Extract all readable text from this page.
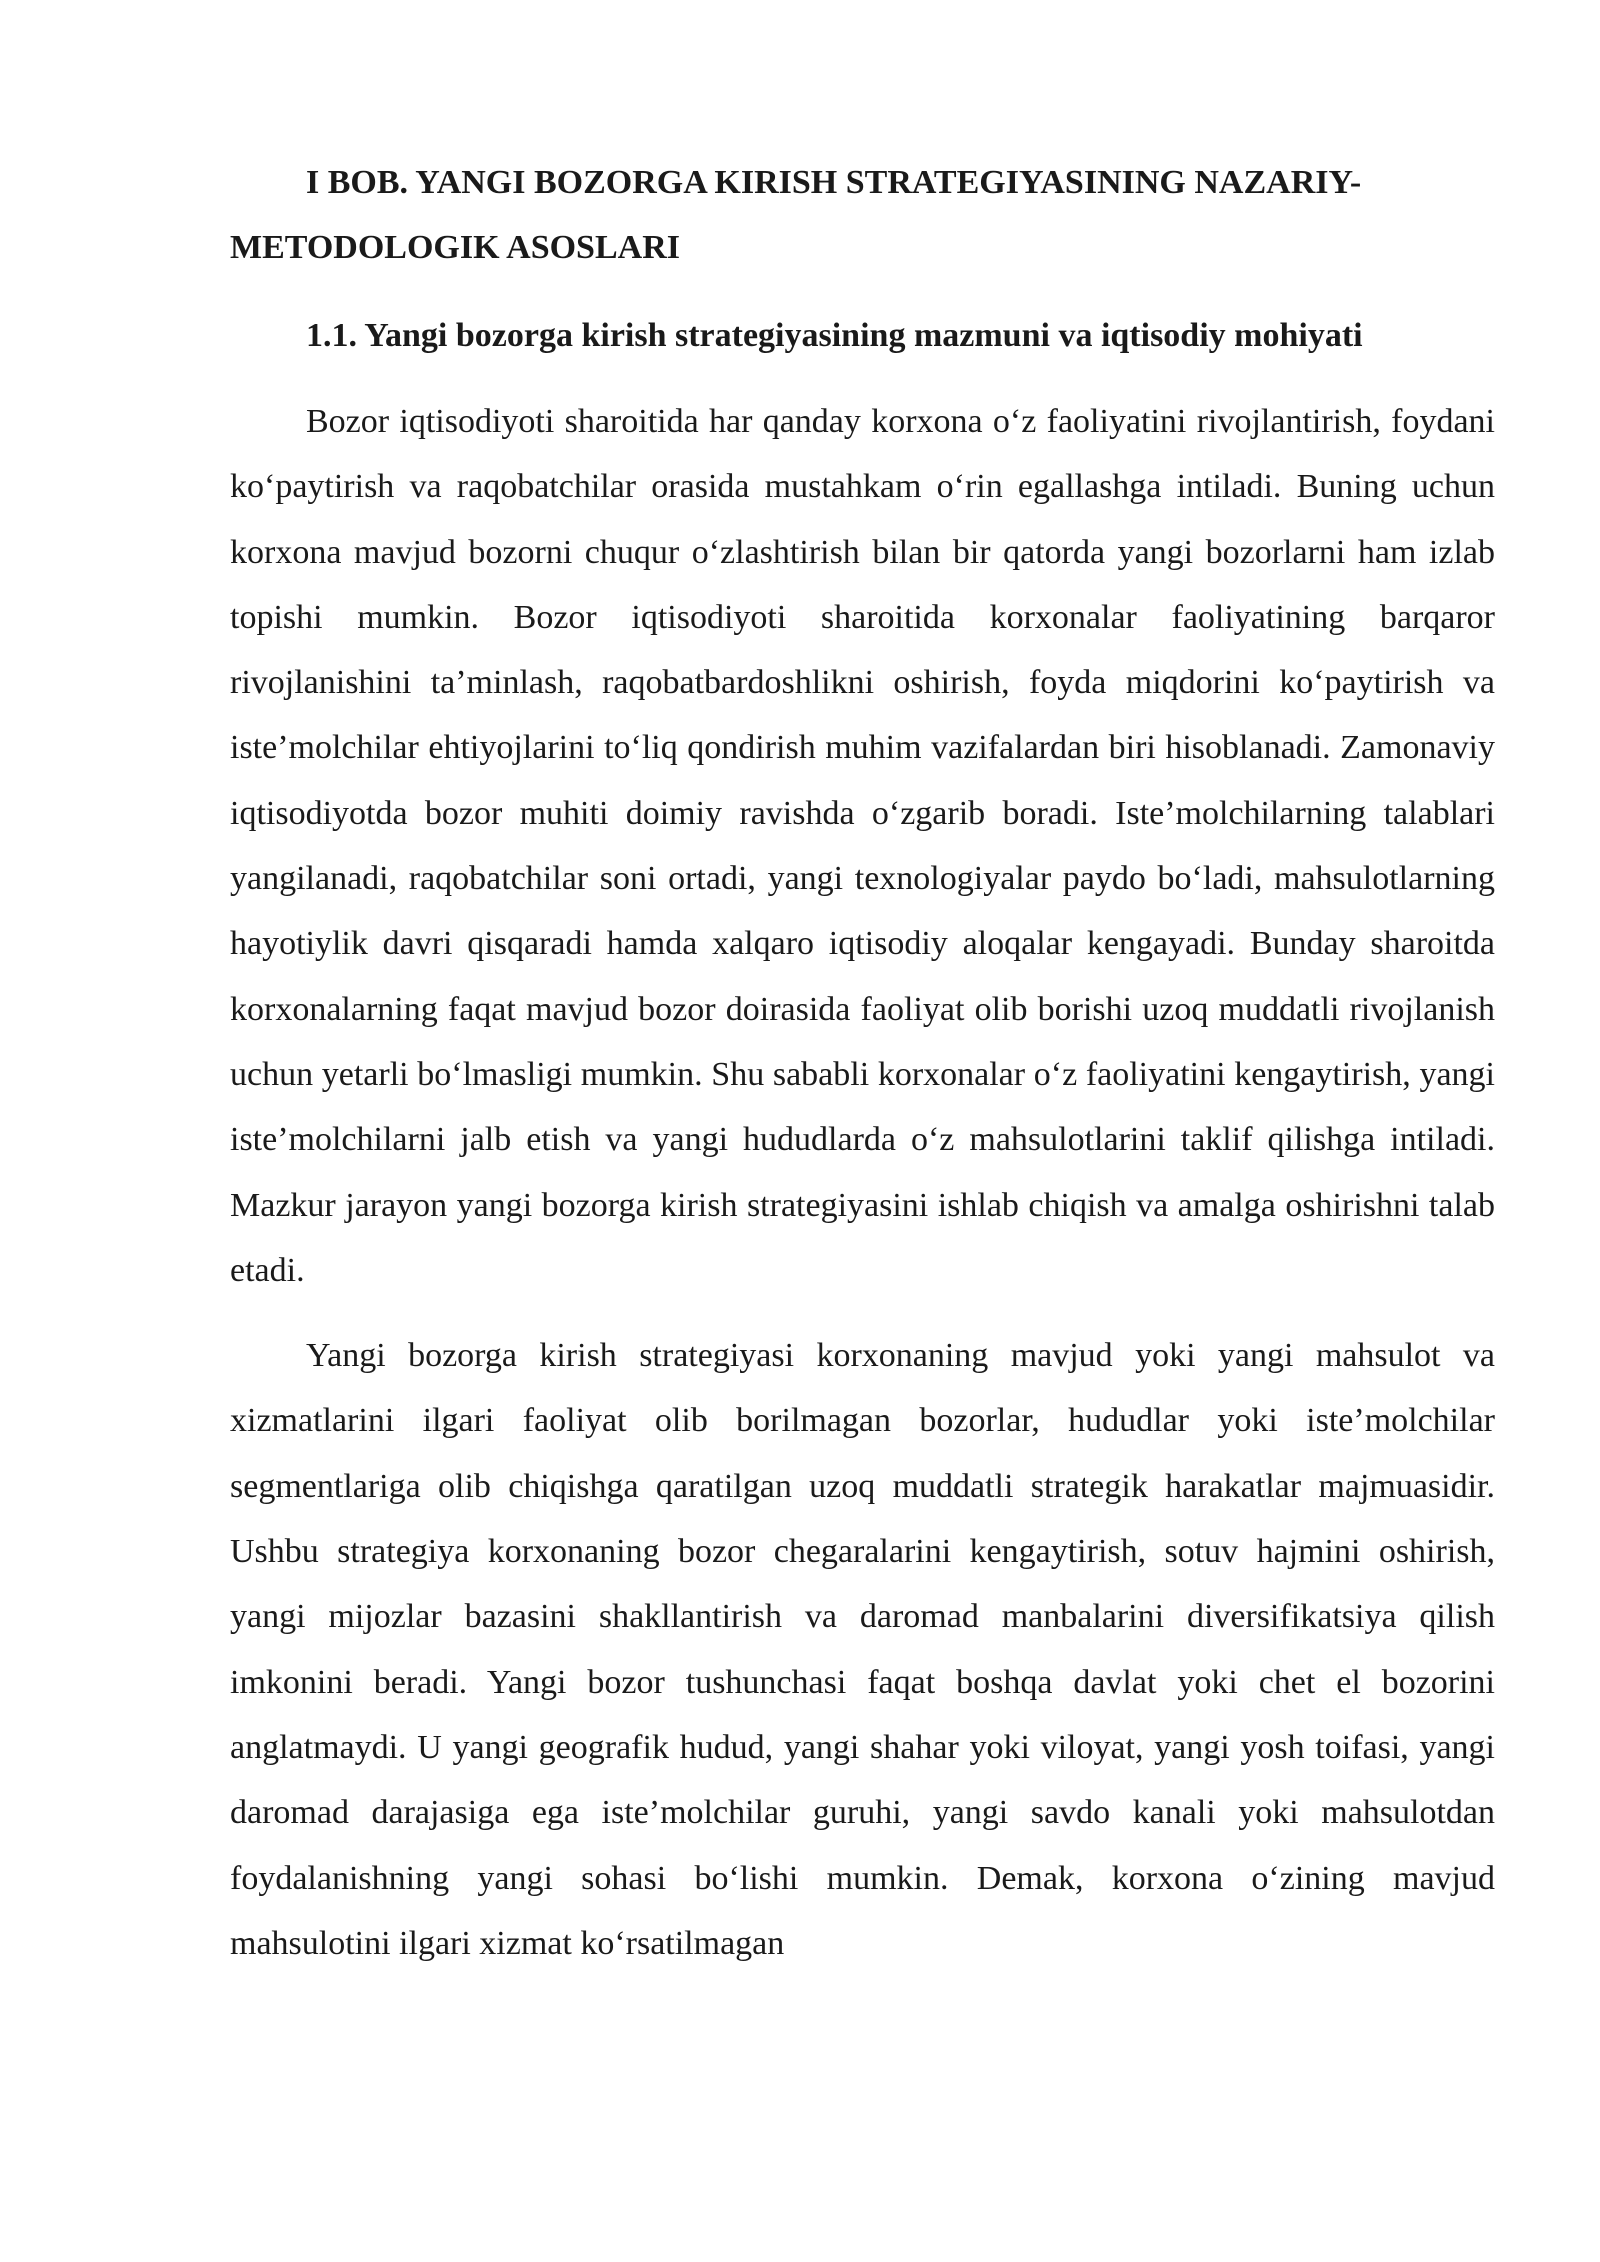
I BOB. YANGI BOZORGA KIRISH STRATEGIYASINING NAZARIY-METODOLOGIK ASOSLARI
1.1. Yangi bozorga kirish strategiyasining mazmuni va iqtisodiy mohiyati

Bozor iqtisodiyoti sharoitida har qanday korxona o‘z faoliyatini rivojlantirish, foydani ko‘paytirish va raqobatchilar orasida mustahkam o‘rin egallashga intiladi. Buning uchun korxona mavjud bozorni chuqur o‘zlashtirish bilan bir qatorda yangi bozorlarni ham izlab topishi mumkin. Bozor iqtisodiyoti sharoitida korxonalar faoliyatining barqaror rivojlanishini ta’minlash, raqobatbardoshlikni oshirish, foyda miqdorini ko‘paytirish va iste’molchilar ehtiyojlarini to‘liq qondirish muhim vazifalardan biri hisoblanadi. Zamonaviy iqtisodiyotda bozor muhiti doimiy ravishda o‘zgarib boradi. Iste’molchilarning talablari yangilanadi, raqobatchilar soni ortadi, yangi texnologiyalar paydo bo‘ladi, mahsulotlarning hayotiylik davri qisqaradi hamda xalqaro iqtisodiy aloqalar kengayadi. Bunday sharoitda korxonalarning faqat mavjud bozor doirasida faoliyat olib borishi uzoq muddatli rivojlanish uchun yetarli bo‘lmasligi mumkin. Shu sababli korxonalar o‘z faoliyatini kengaytirish, yangi iste’molchilarni jalb etish va yangi hududlarda o‘z mahsulotlarini taklif qilishga intiladi. Mazkur jarayon yangi bozorga kirish strategiyasini ishlab chiqish va amalga oshirishni talab etadi.

Yangi bozorga kirish strategiyasi korxonaning mavjud yoki yangi mahsulot va xizmatlarini ilgari faoliyat olib borilmagan bozorlar, hududlar yoki iste’molchilar segmentlariga olib chiqishga qaratilgan uzoq muddatli strategik harakatlar majmuasidir. Ushbu strategiya korxonaning bozor chegaralarini kengaytirish, sotuv hajmini oshirish, yangi mijozlar bazasini shakllantirish va daromad manbalarini diversifikatsiya qilish imkonini beradi. Yangi bozor tushunchasi faqat boshqa davlat yoki chet el bozorini anglatmaydi. U yangi geografik hudud, yangi shahar yoki viloyat, yangi yosh toifasi, yangi daromad darajasiga ega iste’molchilar guruhi, yangi savdo kanali yoki mahsulotdan foydalanishning yangi sohasi bo‘lishi mumkin. Demak, korxona o‘zining mavjud mahsulotini ilgari xizmat ko‘rsatilmagan
